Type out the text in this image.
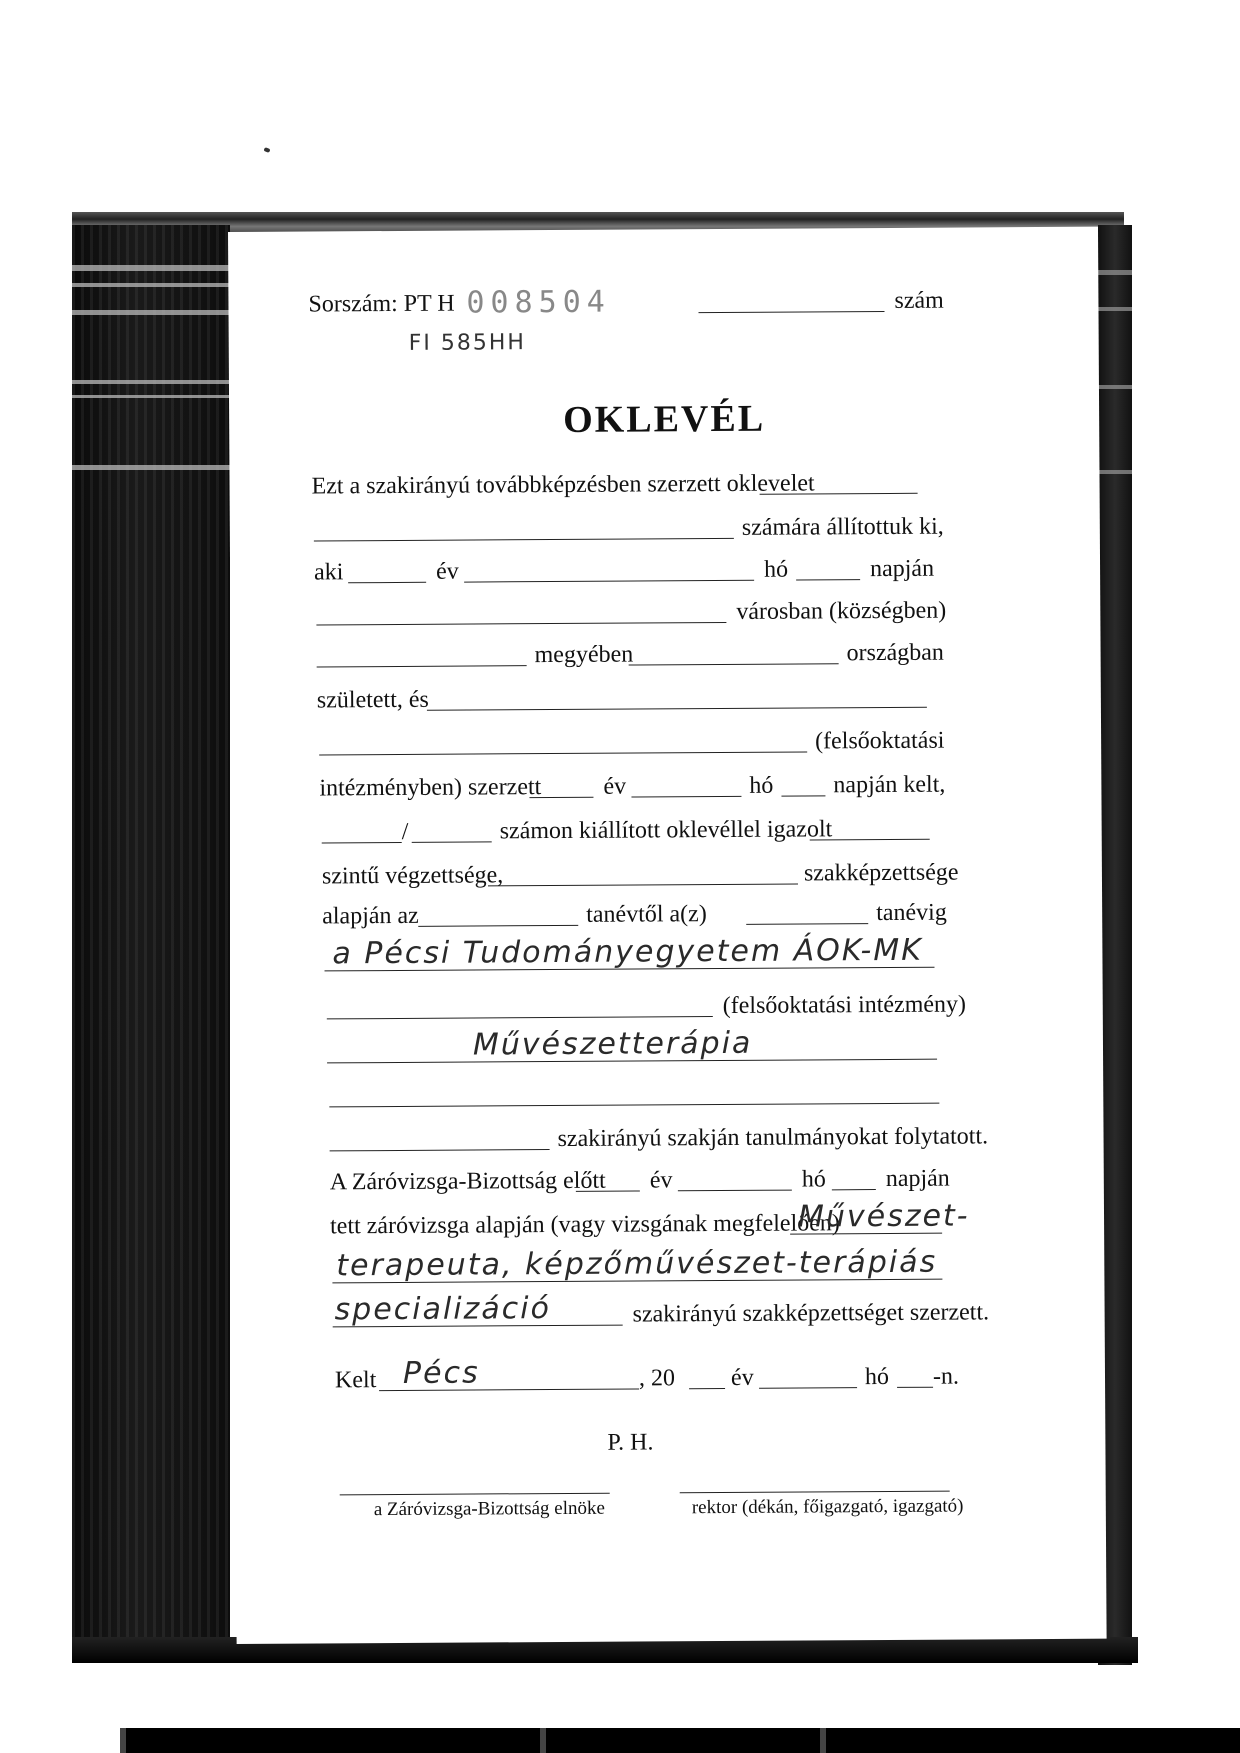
Sorszám: PT H 008504	szám
FI 585HH
OKLEVÉL
Ezt a szakirányú továbbképzésben szerzett oklevelet
számára állítottuk ki,
aki	év	hó	napján
városban (községben)
megyében	országban
született, és
(felsőoktatási
intézményben) szerzett	év	hó napján kelt,
/	számon kiállított oklevéllel igazolt
szintű végzettsége,	szakképzettsége
alapján az	tanévtől a(z)	tanévig
a Pécsi Tudományegyetem ÁOK-MK
(felsőoktatási intézmény)
Művészetterápia
szakirányú szakján tanulmányokat folytatott.
A Záróvizsga-Bizottság előtt év	hó napján
tett záróvizsga alapján (vagy vizsgának megfelelően)
Művészet-
terapeuta, képzőművészet-terápiás
specializáció	szakirányú szakképzettséget szerzett.
Kelt Pécs	, 20 év	hó -n.
P. H.
a Záróvizsga-Bizottság elnöke	rektor (dékán, főigazgató, igazgató)
